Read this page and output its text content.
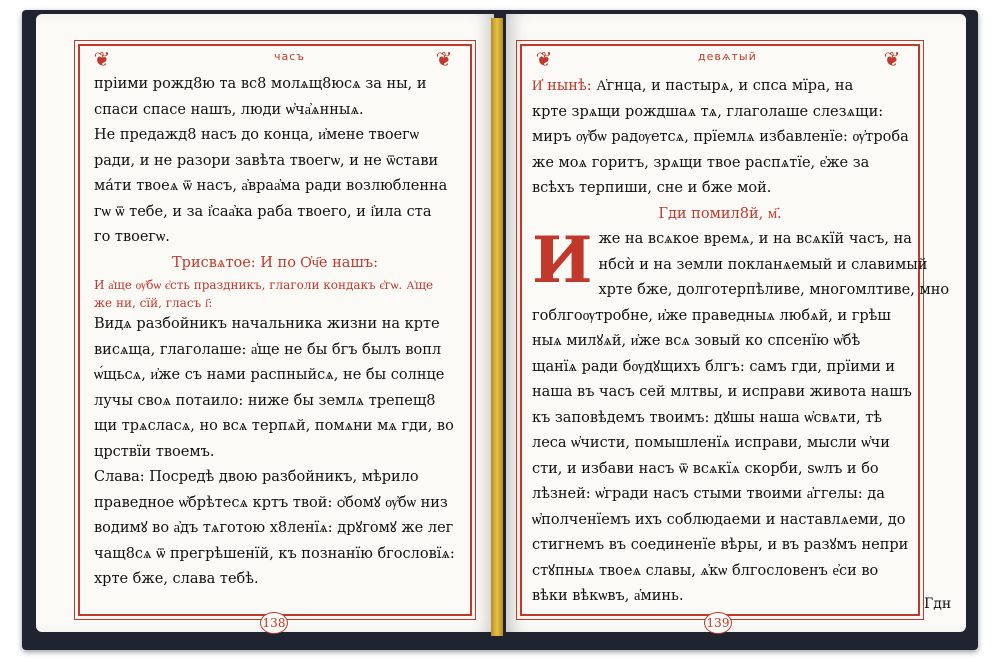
❦	❦
часъ
пріими рожд8ю та вс8 молѧщ8юсѧ за ны, и
спаси спасе нашъ, люди ѡ҆ча҆ѧнныѧ.
Не предажд8 насъ до конца, и҆мене твоегѡ
ради, и не разори завѣта твоегѡ, и не ѿстави
ма́ти твоеѧ ѿ насъ, а҆враа҆ма ради возлюбленна
гѡ ѿ тебе, и за і҆саа҆ка раба твоего, и і҆ила ста
го твоегѡ.
Трисвѧтое: И по Ѻ҆ч҃е нашъ:
И а҆ще ѹ҆бѡ є҆сть праздникъ, глаголи кондакъ є҆гѡ. А҆ще
же ни, сїй, гласъ і҃:
Видѧ разбойникъ начальника жизни на крте
висѧща, глаголаше: а҆ще не бы бгъ былъ вопл
ѡ́щьсѧ, и҆же съ нами распныйсѧ, не бы солнце
лучы своѧ потаило: ниже бы землѧ трепещ8
щи трѧсласѧ, но всѧ терпѧй, помѧни мѧ гди, во
црствїи твоемъ.
Слава: Посредѣ двою разбойникъ, мѣрило
праведное ѡ҆брѣтесѧ кртъ твой: ѻ҆бомꙋ ѹ҆бѡ низ
водимꙋ во а҆дъ тѧготою х8ленїѧ: дрꙋгомꙋ же лег
чащ8сѧ ѿ прегрѣшенїй, къ познанїю бгословїѧ:
хрте бже, слава тебѣ.
138
❦	❦
девѧтый
И҆ нынѣ: А҆гнца, и пастырѧ, и спса мїра, на
крте зрѧщи рождшаѧ тѧ, глаголаше слезѧщи:
миръ ѹ҆бѡ радѹетсѧ, прїемлѧ избавленїе: ѹ҆троба
же моѧ горитъ, зрѧщи твое распѧтїе, е҆же за
всѣхъ терпиши, сне и бже мой.
Гди помил8й, м҃.
И же на всѧкое времѧ, и на всѧкїй часъ, на
нбсѝ и на земли покланѧемый и славимый
хрте бже, долготерпѣливе, многомлтиве, мно
гоблгоѹтробне, и҆же праведныѧ любѧй, и грѣш
ныѧ милꙋѧй, и҆же всѧ зовый ко спсенїю ѡ҆бѣ
щанїѧ ради бѹдꙋщихъ блгъ: самъ гди, прїими и
наша въ часъ сей млтвы, и исправи живота нашъ
къ заповѣдемъ твоимъ: дꙋшы наша ѡ҆свѧти, тѣ
леса ѡ҆чисти, помышленїѧ исправи, мысли ѡ҆чи
сти, и избави насъ ѿ всѧкїѧ скорби, ѕѡлъ и бо
лѣзней: ѡ҆гради насъ стыми твоими а҆ггелы: да
ѡ҆полченїемъ ихъ соблюдаеми и наставлѧеми, до
стигнемъ въ соединенїе вѣры, и въ разꙋмъ непри
стꙋпныѧ твоеѧ славы, ѧ҆кѡ блгословенъ е҆си во
вѣки вѣкѡвъ, а҆минь.
139
Гдн
